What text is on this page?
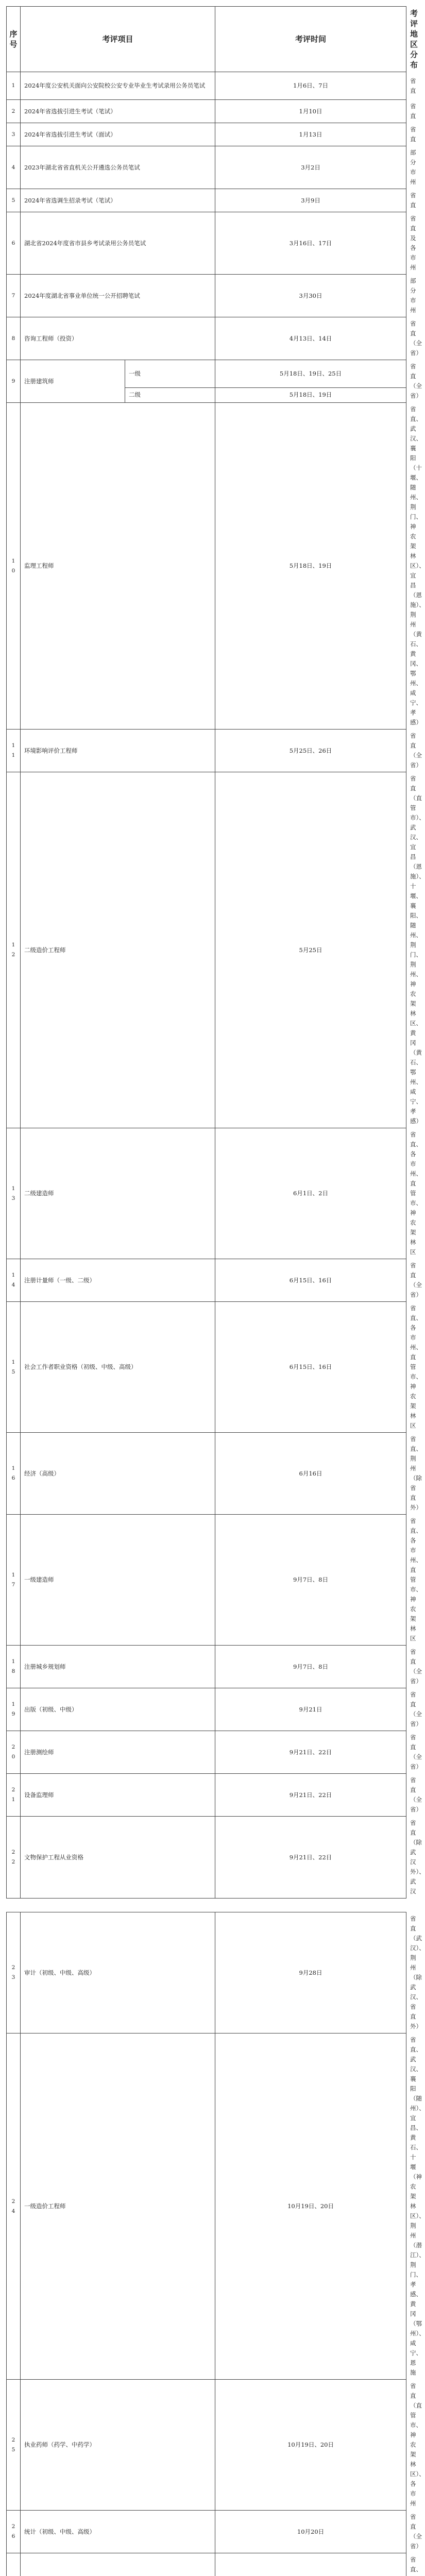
序号	考评项目				考评时间	考评地区分布
1	2024年度公安机关面向公安院校公安专业毕业生考试录用公务员笔试				1月6日、7日	省直
2	2024年省选拔引进生考试（笔试）				1月10日	省直
3	2024年省选拔引进生考试（面试）				1月13日	省直
4	2023年湖北省省直机关公开遴选公务员笔试				3月2日	部分市州
5	2024年省选调生招录考试（笔试）				3月9日	省直
6	湖北省2024年度省市县乡考试录用公务员笔试				3月16日、17日	省直及各市州
7	2024年度湖北省事业单位统一公开招聘笔试				3月30日	部分市州
8	咨询工程师（投资）				4月13日、14日	省直（全省）
9	注册建筑师			一级	5月18日、19日、25日	省直（全省）
				二级	5月18日、19日	
10	监理工程师				5月18日、19日	省直、武汉、襄阳（十堰、随州、荆门、神农架林区）、宜昌（恩施）、荆州（黄石、黄冈、鄂州、咸宁、孝感）
11	环境影响评价工程师				5月25日、26日	省直（全省）
12	二级造价工程师				5月25日	省直（直管市）、武汉、宜昌（恩施）、十堰、襄阳、随州、荆门、荆州、神农架林区、黄冈（黄石、鄂州、咸宁、孝感）
13	二级建造师				6月1日、2日	省直、各市州、直管市、神农架林区
14	注册计量师（一级、二级）				6月15日、16日	省直（全省）
15	社会工作者职业资格（初级、中级、高级）				6月15日、16日	省直、各市州、直管市、神农架林区
16	经济（高级）				6月16日	省直、荆州（除省直外）
17	一级建造师				9月7日、8日	省直、各市州、直管市、神农架林区
18	注册城乡规划师				9月7日、8日	省直（全省）
19	出版（初级、中级）				9月21日	省直（全省）
20	注册测绘师				9月21日、22日	省直（全省）
21	设备监理师				9月21日、22日	省直（全省）
22	文物保护工程从业资格				9月21日、22日	省直（除武汉外）、武汉

23	审计（初级、中级、高级）				9月28日	省直（武汉）、荆州（除武汉、省直外）
24	一级造价工程师				10月19日、20日	省直、武汉、襄阳（随州）、宜昌、黄石、十堰（神农架林区）、荆州（潜江）、荆门、孝感、黄冈（鄂州）、咸宁、恩施
25	执业药师（药学、中药学）				10月19日、20日	省直（直管市、神农架林区）、各市州
26	统计（初级、中级、高级）				10月20日	省直（全省）
			省直、
